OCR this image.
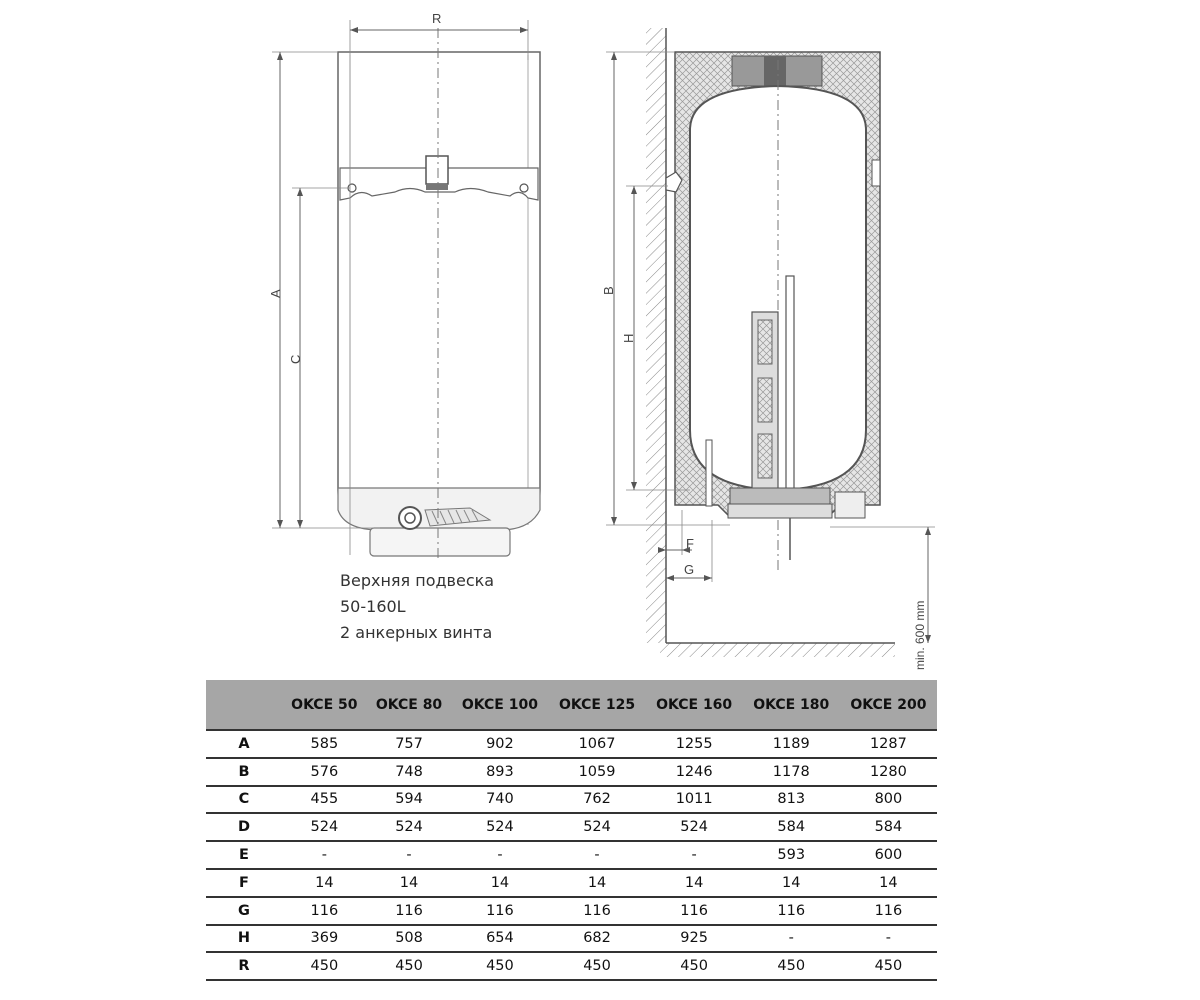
R
A
C
B
H
F
G
min. 600 mm
Верхняя подвеска
50-160L
2 анкерных винта
	OKCE 50	OKCE 80	OKCE 100	OKCE 125	OKCE 160	OKCE 180	OKCE 200
A	585	757	902	1067	1255	1189	1287
B	576	748	893	1059	1246	1178	1280
C	455	594	740	762	1011	813	800
D	524	524	524	524	524	584	584
E	-	-	-	-	-	593	600
F	14	14	14	14	14	14	14
G	116	116	116	116	116	116	116
H	369	508	654	682	925	-	-
R	450	450	450	450	450	450	450
